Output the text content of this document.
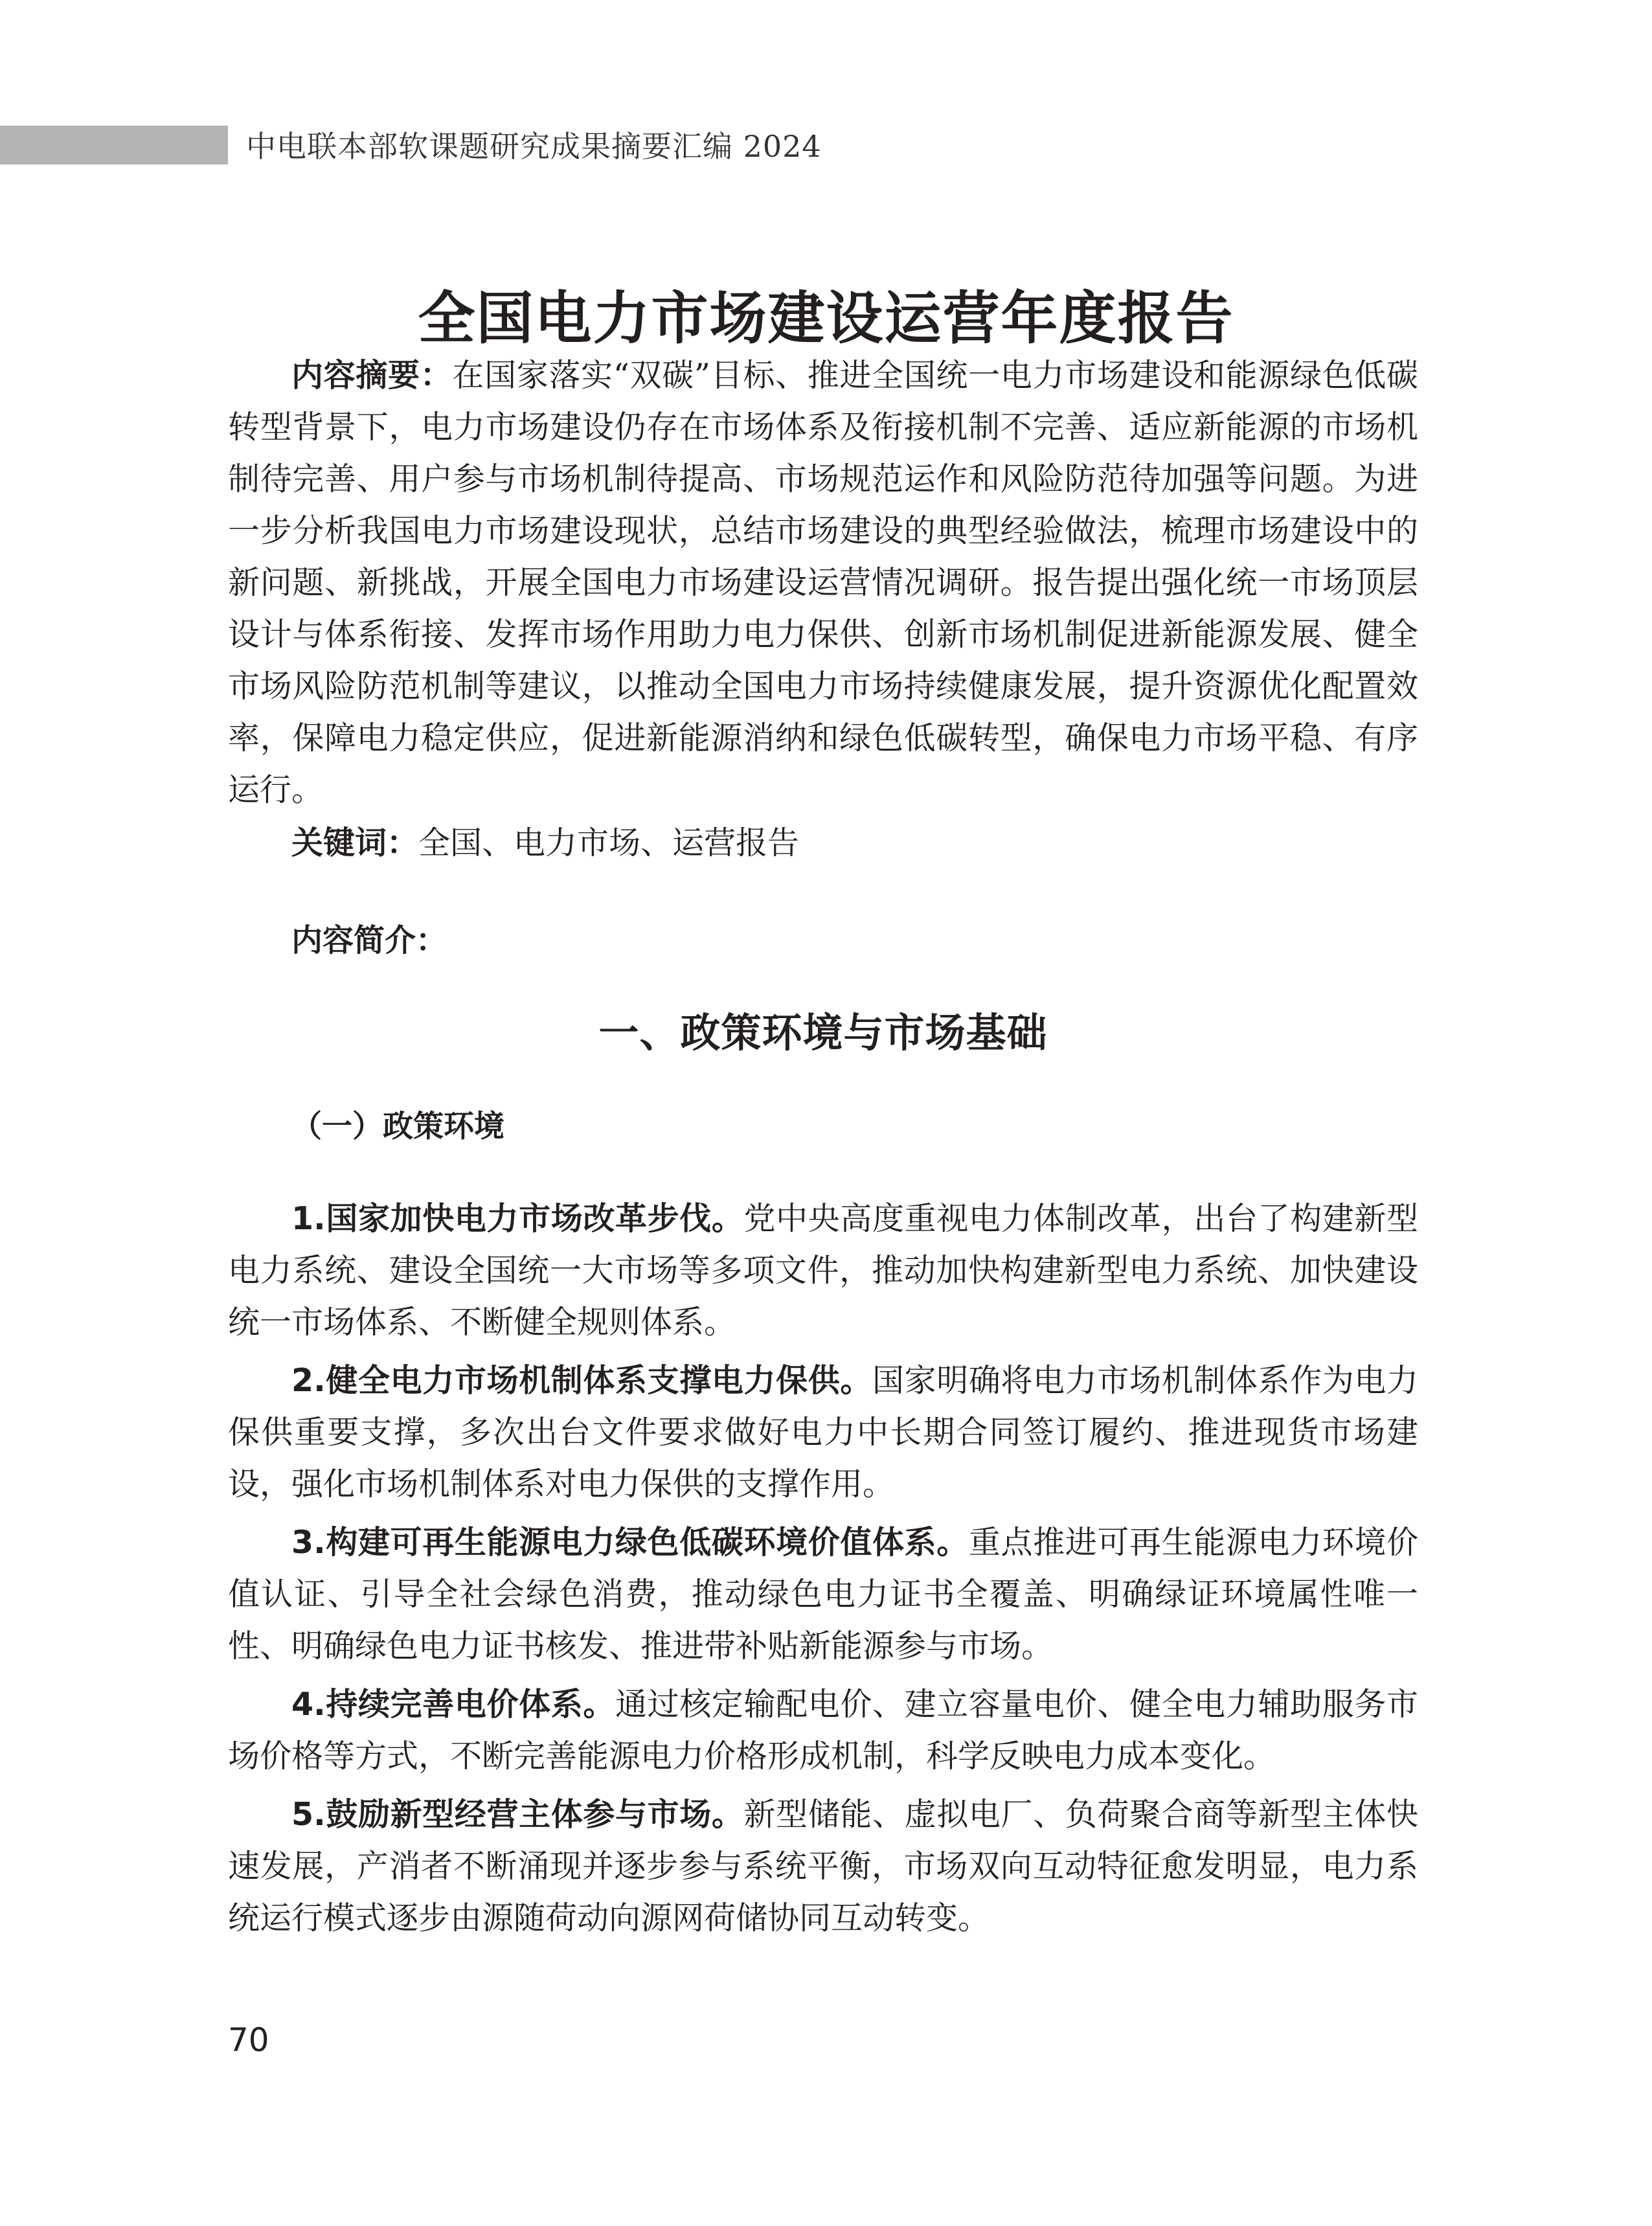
中电联本部软课题研究成果摘要汇编 2024
全国电力市场建设运营年度报告

内容摘要：在国家落实“双碳”目标、推进全国统一电力市场建设和能源绿色低碳转型背景下，电力市场建设仍存在市场体系及衔接机制不完善、适应新能源的市场机制待完善、用户参与市场机制待提高、市场规范运作和风险防范待加强等问题。为进一步分析我国电力市场建设现状，总结市场建设的典型经验做法，梳理市场建设中的新问题、新挑战，开展全国电力市场建设运营情况调研。报告提出强化统一市场顶层设计与体系衔接、发挥市场作用助力电力保供、创新市场机制促进新能源发展、健全市场风险防范机制等建议，以推动全国电力市场持续健康发展，提升资源优化配置效率，保障电力稳定供应，促进新能源消纳和绿色低碳转型，确保电力市场平稳、有序运行。

关键词：全国、电力市场、运营报告

内容简介：

一、政策环境与市场基础
（一）政策环境

1.国家加快电力市场改革步伐。党中央高度重视电力体制改革，出台了构建新型电力系统、建设全国统一大市场等多项文件，推动加快构建新型电力系统、加快建设统一市场体系、不断健全规则体系。

2.健全电力市场机制体系支撑电力保供。国家明确将电力市场机制体系作为电力保供重要支撑，多次出台文件要求做好电力中长期合同签订履约、推进现货市场建设，强化市场机制体系对电力保供的支撑作用。

3.构建可再生能源电力绿色低碳环境价值体系。重点推进可再生能源电力环境价值认证、引导全社会绿色消费，推动绿色电力证书全覆盖、明确绿证环境属性唯一性、明确绿色电力证书核发、推进带补贴新能源参与市场。

4.持续完善电价体系。通过核定输配电价、建立容量电价、健全电力辅助服务市场价格等方式，不断完善能源电力价格形成机制，科学反映电力成本变化。

5.鼓励新型经营主体参与市场。新型储能、虚拟电厂、负荷聚合商等新型主体快速发展，产消者不断涌现并逐步参与系统平衡，市场双向互动特征愈发明显，电力系统运行模式逐步由源随荷动向源网荷储协同互动转变。

70
